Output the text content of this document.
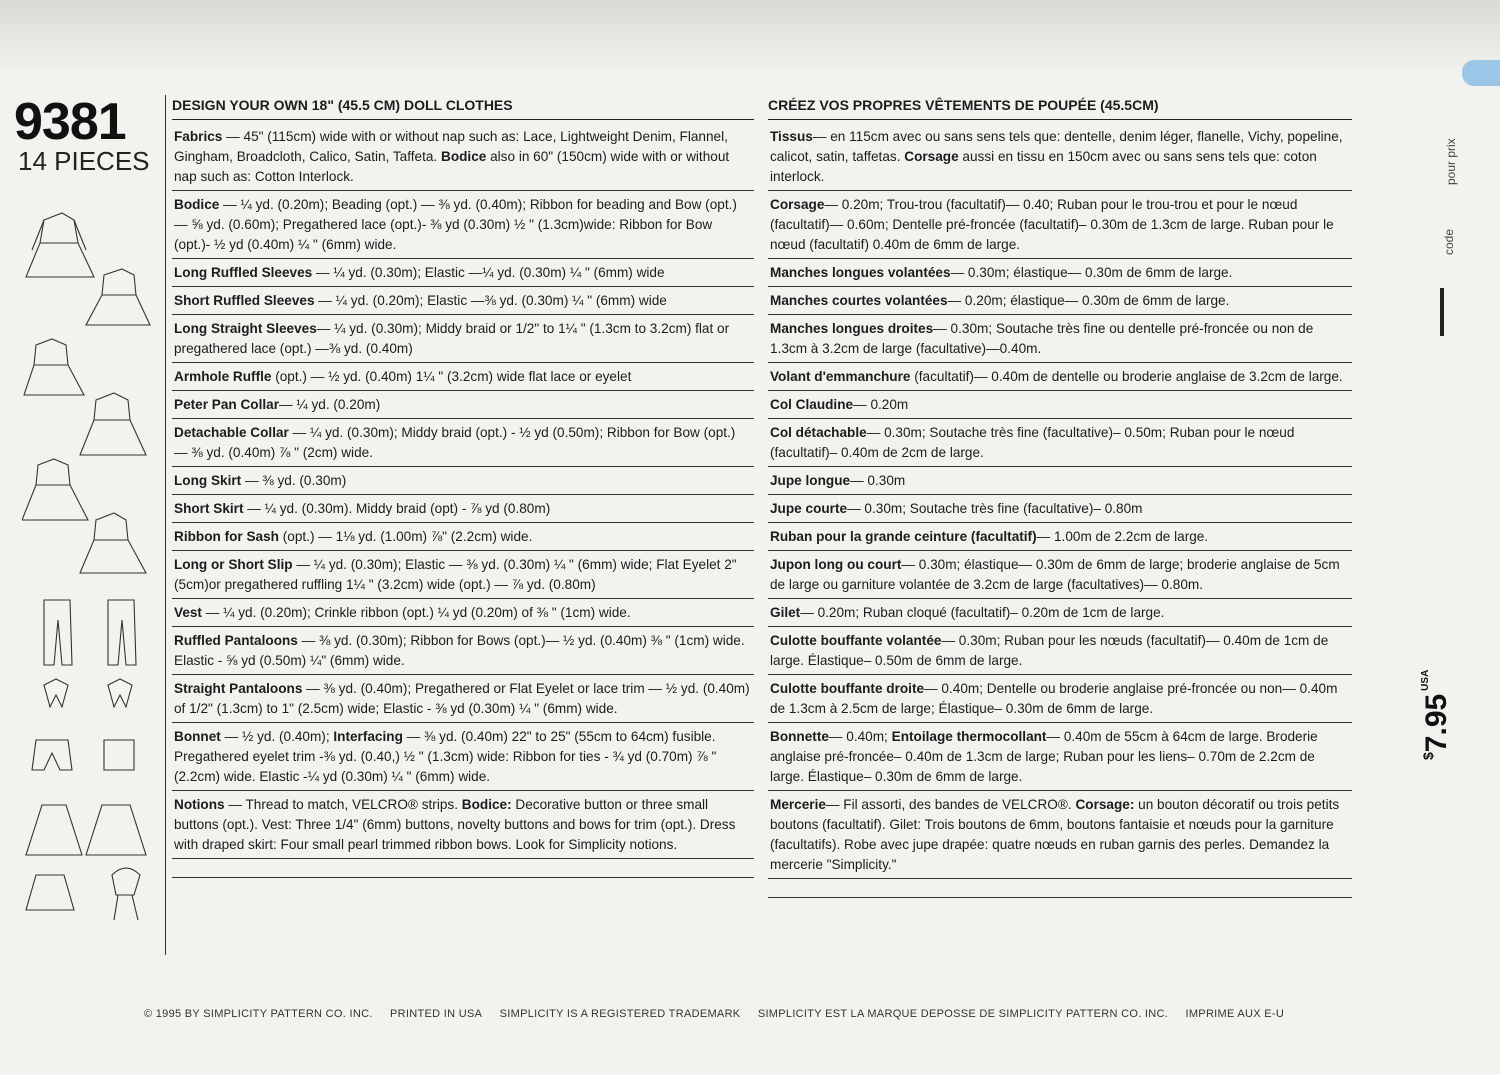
9381
14 PIECES
DESIGN YOUR OWN 18" (45.5 CM) DOLL CLOTHES
Fabrics — 45" (115cm) wide with or without nap such as: Lace, Lightweight Denim, Flannel, Gingham, Broadcloth, Calico, Satin, Taffeta. Bodice also in 60" (150cm) wide with or without nap such as: Cotton Interlock.
Bodice — ¼ yd. (0.20m); Beading (opt.) — ⅜ yd. (0.40m); Ribbon for beading and Bow (opt.) — ⅝ yd. (0.60m); Pregathered lace (opt.)- ⅜ yd (0.30m) ½ " (1.3cm)wide: Ribbon for Bow (opt.)- ½ yd (0.40m) ¼ " (6mm) wide.
Long Ruffled Sleeves — ¼ yd. (0.30m); Elastic —¼ yd. (0.30m) ¼ " (6mm) wide
Short Ruffled Sleeves — ¼ yd. (0.20m); Elastic —⅜ yd. (0.30m) ¼ " (6mm) wide
Long Straight Sleeves— ¼ yd. (0.30m); Middy braid or 1/2" to 1¼ " (1.3cm to 3.2cm) flat or pregathered lace (opt.) —⅜ yd. (0.40m)
Armhole Ruffle (opt.) — ½ yd. (0.40m) 1¼ " (3.2cm) wide flat lace or eyelet
Peter Pan Collar— ¼ yd. (0.20m)
Detachable Collar — ¼ yd. (0.30m); Middy braid (opt.) - ½ yd (0.50m); Ribbon for Bow (opt.) — ⅜ yd. (0.40m) ⅞ " (2cm) wide.
Long Skirt — ⅜ yd. (0.30m)
Short Skirt — ¼ yd. (0.30m). Middy braid (opt) - ⅞ yd (0.80m)
Ribbon for Sash (opt.) — 1⅛ yd. (1.00m) ⅞" (2.2cm) wide.
Long or Short Slip — ¼ yd. (0.30m); Elastic — ⅜ yd. (0.30m) ¼ " (6mm) wide; Flat Eyelet 2" (5cm)or pregathered ruffling 1¼ " (3.2cm) wide (opt.) — ⅞ yd. (0.80m)
Vest — ¼ yd. (0.20m); Crinkle ribbon (opt.) ¼ yd (0.20m) of ⅜ " (1cm) wide.
Ruffled Pantaloons — ⅜ yd. (0.30m); Ribbon for Bows (opt.)— ½ yd. (0.40m) ⅜ " (1cm) wide. Elastic - ⅝ yd (0.50m) ¼" (6mm) wide.
Straight Pantaloons — ⅜ yd. (0.40m); Pregathered or Flat Eyelet or lace trim — ½ yd. (0.40m) of 1/2" (1.3cm) to 1" (2.5cm) wide; Elastic - ⅜ yd (0.30m) ¼ " (6mm) wide.
Bonnet — ½ yd. (0.40m); Interfacing — ⅜ yd. (0.40m) 22" to 25" (55cm to 64cm) fusible. Pregathered eyelet trim -⅜ yd. (0.40,) ½ " (1.3cm) wide: Ribbon for ties - ¾ yd (0.70m) ⅞ " (2.2cm) wide. Elastic -¼ yd (0.30m) ¼ " (6mm) wide.
Notions — Thread to match, VELCRO® strips. Bodice: Decorative button or three small buttons (opt.). Vest: Three 1/4" (6mm) buttons, novelty buttons and bows for trim (opt.). Dress with draped skirt: Four small pearl trimmed ribbon bows. Look for Simplicity notions.
CRÉEZ VOS PROPRES VÊTEMENTS DE POUPÉE (45.5CM)
Tissus— en 115cm avec ou sans sens tels que: dentelle, denim léger, flanelle, Vichy, popeline, calicot, satin, taffetas. Corsage aussi en tissu en 150cm avec ou sans sens tels que: coton interlock.
Corsage— 0.20m; Trou-trou (facultatif)— 0.40; Ruban pour le trou-trou et pour le nœud (facultatif)— 0.60m; Dentelle pré-froncée (facultatif)– 0.30m de 1.3cm de large. Ruban pour le nœud (facultatif) 0.40m de 6mm de large.
Manches longues volantées— 0.30m; élastique— 0.30m de 6mm de large.
Manches courtes volantées— 0.20m; élastique— 0.30m de 6mm de large.
Manches longues droites— 0.30m; Soutache très fine ou dentelle pré-froncée ou non de 1.3cm à 3.2cm de large (facultative)—0.40m.
Volant d'emmanchure (facultatif)— 0.40m de dentelle ou broderie anglaise de 3.2cm de large.
Col Claudine— 0.20m
Col détachable— 0.30m; Soutache très fine (facultative)– 0.50m; Ruban pour le nœud (facultatif)– 0.40m de 2cm de large.
Jupe longue— 0.30m
Jupe courte— 0.30m; Soutache très fine (facultative)– 0.80m
Ruban pour la grande ceinture (facultatif)— 1.00m de 2.2cm de large.
Jupon long ou court— 0.30m; élastique— 0.30m de 6mm de large; broderie anglaise de 5cm de large ou garniture volantée de 3.2cm de large (facultatives)— 0.80m.
Gilet— 0.20m; Ruban cloqué (facultatif)– 0.20m de 1cm de large.
Culotte bouffante volantée— 0.30m; Ruban pour les nœuds (facultatif)— 0.40m de 1cm de large. Élastique– 0.50m de 6mm de large.
Culotte bouffante droite— 0.40m; Dentelle ou broderie anglaise pré-froncée ou non— 0.40m de 1.3cm à 2.5cm de large; Élastique– 0.30m de 6mm de large.
Bonnette— 0.40m; Entoilage thermocollant— 0.40m de 55cm à 64cm de large. Broderie anglaise pré-froncée– 0.40m de 1.3cm de large; Ruban pour les liens– 0.70m de 2.2cm de large. Élastique– 0.30m de 6mm de large.
Mercerie— Fil assorti, des bandes de VELCRO®. Corsage: un bouton décoratif ou trois petits boutons (facultatif). Gilet: Trois boutons de 6mm, boutons fantaisie et nœuds pour la garniture (facultatifs). Robe avec jupe drapée: quatre nœuds en ruban garnis des perles. Demandez la mercerie "Simplicity."
© 1995 BY SIMPLICITY PATTERN CO. INC. PRINTED IN USA SIMPLICITY IS A REGISTERED TRADEMARK SIMPLICITY EST LA MARQUE DEPOSSE DE SIMPLICITY PATTERN CO. INC. IMPRIME AUX E-U
pour prix
code
$^{\$}7.95^{USA}$
